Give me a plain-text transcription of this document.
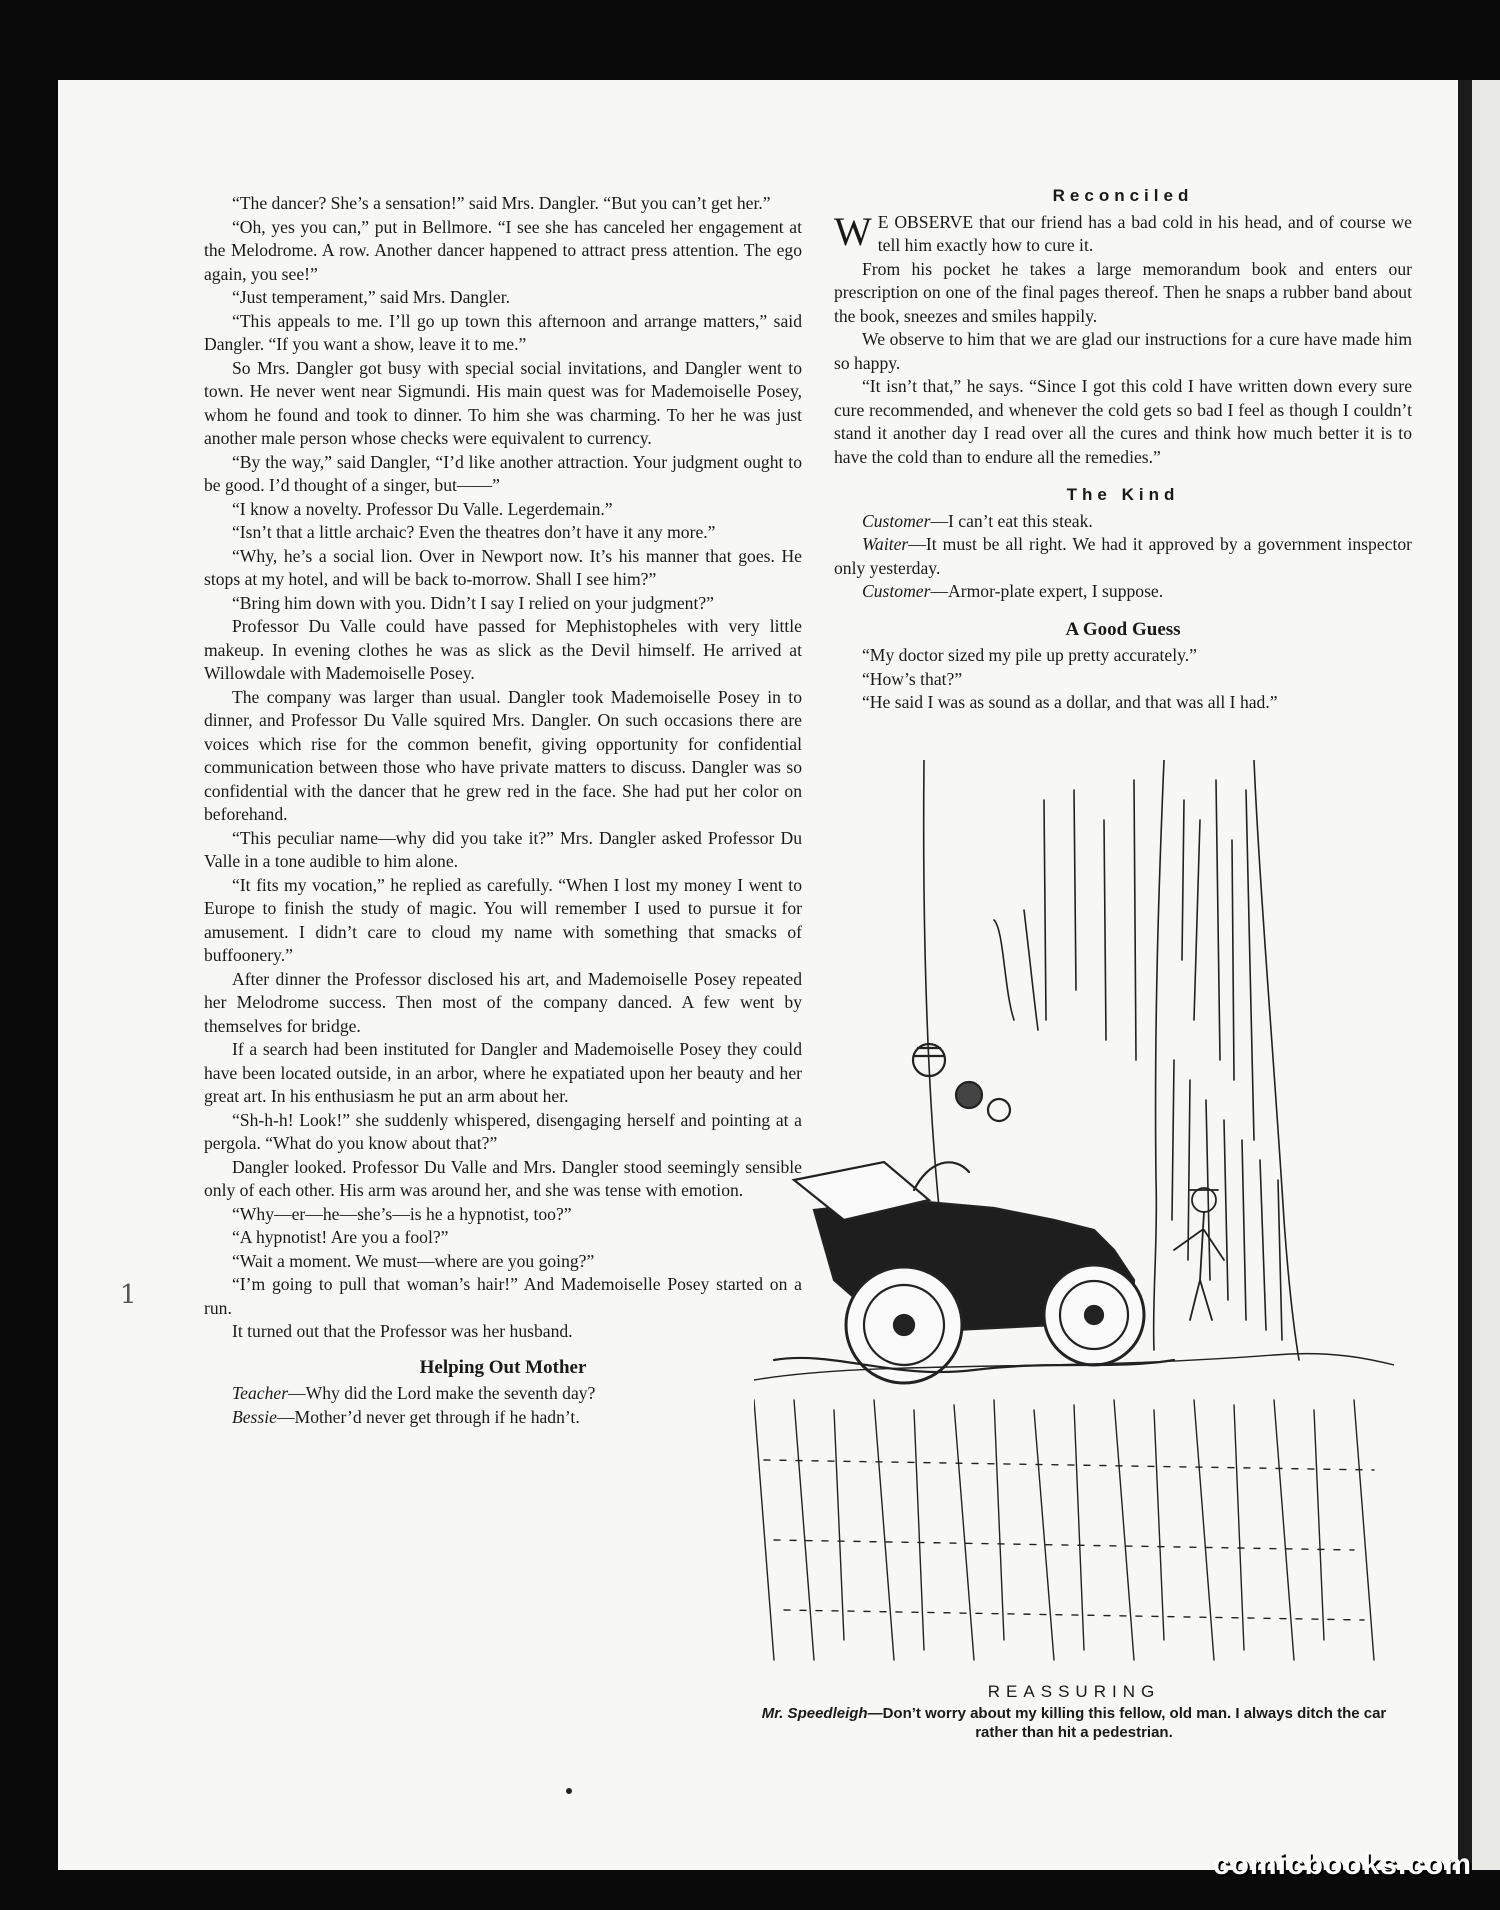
“The dancer? She’s a sensation!” said Mrs. Dangler. “But you can’t get her.”

“Oh, yes you can,” put in Bellmore. “I see she has canceled her engagement at the Melodrome. A row. Another dancer happened to attract press attention. The ego again, you see!”

“Just temperament,” said Mrs. Dangler.

“This appeals to me. I’ll go up town this afternoon and arrange matters,” said Dangler. “If you want a show, leave it to me.”

So Mrs. Dangler got busy with special social invitations, and Dangler went to town. He never went near Sigmundi. His main quest was for Mademoiselle Posey, whom he found and took to dinner. To him she was charming. To her he was just another male person whose checks were equivalent to currency.

“By the way,” said Dangler, “I’d like another attraction. Your judgment ought to be good. I’d thought of a singer, but——”

“I know a novelty. Professor Du Valle. Legerdemain.”

“Isn’t that a little archaic? Even the theatres don’t have it any more.”

“Why, he’s a social lion. Over in Newport now. It’s his manner that goes. He stops at my hotel, and will be back to-morrow. Shall I see him?”

“Bring him down with you. Didn’t I say I relied on your judgment?”

Professor Du Valle could have passed for Mephistopheles with very little makeup. In evening clothes he was as slick as the Devil himself. He arrived at Willowdale with Mademoiselle Posey.

The company was larger than usual. Dangler took Mademoiselle Posey in to dinner, and Professor Du Valle squired Mrs. Dangler. On such occasions there are voices which rise for the common benefit, giving opportunity for confidential communication between those who have private matters to discuss. Dangler was so confidential with the dancer that he grew red in the face. She had put her color on beforehand.

“This peculiar name—why did you take it?” Mrs. Dangler asked Professor Du Valle in a tone audible to him alone.

“It fits my vocation,” he replied as carefully. “When I lost my money I went to Europe to finish the study of magic. You will remember I used to pursue it for amusement. I didn’t care to cloud my name with something that smacks of buffoonery.”

After dinner the Professor disclosed his art, and Mademoiselle Posey repeated her Melodrome success. Then most of the company danced. A few went by themselves for bridge.

If a search had been instituted for Dangler and Mademoiselle Posey they could have been located outside, in an arbor, where he expatiated upon her beauty and her great art. In his enthusiasm he put an arm about her.

“Sh-h-h! Look!” she suddenly whispered, disengaging herself and pointing at a pergola. “What do you know about that?”

Dangler looked. Professor Du Valle and Mrs. Dangler stood seemingly sensible only of each other. His arm was around her, and she was tense with emotion.

“Why—er—he—she’s—is he a hypnotist, too?”

“A hypnotist! Are you a fool?”

“Wait a moment. We must—where are you going?”

“I’m going to pull that woman’s hair!” And Mademoiselle Posey started on a run.

It turned out that the Professor was her husband.

Helping Out Mother

Teacher—Why did the Lord make the seventh day?

Bessie—Mother’d never get through if he hadn’t.

Reconciled

W E OBSERVE that our friend has a bad cold in his head, and of course we tell him exactly how to cure it.

From his pocket he takes a large memorandum book and enters our prescription on one of the final pages thereof. Then he snaps a rubber band about the book, sneezes and smiles happily.

We observe to him that we are glad our instructions for a cure have made him so happy.

“It isn’t that,” he says. “Since I got this cold I have written down every sure cure recommended, and whenever the cold gets so bad I feel as though I couldn’t stand it another day I read over all the cures and think how much better it is to have the cold than to endure all the remedies.”

The Kind

Customer—I can’t eat this steak.

Waiter—It must be all right. We had it approved by a government inspector only yesterday.

Customer—Armor-plate expert, I suppose.

A Good Guess

“My doctor sized my pile up pretty accurately.”

“How’s that?”

“He said I was as sound as a dollar, and that was all I had.”

REASSURING
Mr. Speedleigh—Don’t worry about my killing this fellow, old man. I always ditch the car rather than hit a pedestrian.
1
comicbooks.com
